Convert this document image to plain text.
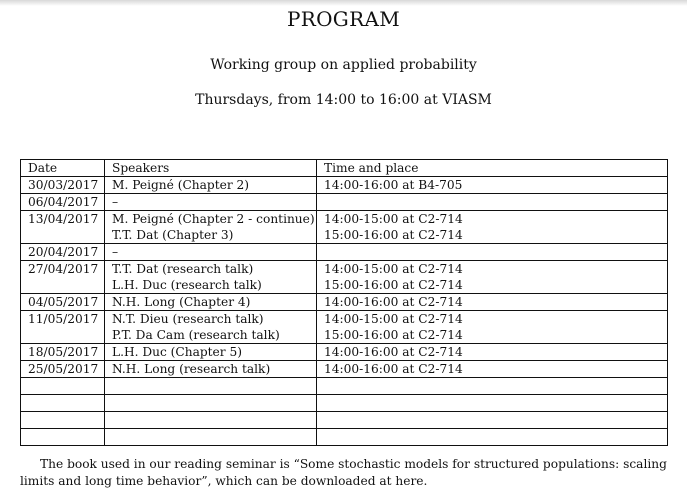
PROGRAM
Working group on applied probability
Thursdays, from 14:00 to 16:00 at VIASM
Date	Speakers	Time and place
30/03/2017	M. Peigné (Chapter 2)	14:00-16:00 at B4-705
06/04/2017	–	
13/04/2017	M. Peigné (Chapter 2 - continue)	14:00-15:00 at C2-714
	T.T. Dat (Chapter 3)	15:00-16:00 at C2-714
20/04/2017	–	
27/04/2017	T.T. Dat (research talk)	14:00-15:00 at C2-714
	L.H. Duc (research talk)	15:00-16:00 at C2-714
04/05/2017	N.H. Long (Chapter 4)	14:00-16:00 at C2-714
11/05/2017	N.T. Dieu (research talk)	14:00-15:00 at C2-714
	P.T. Da Cam (research talk)	15:00-16:00 at C2-714
18/05/2017	L.H. Duc (Chapter 5)	14:00-16:00 at C2-714
25/05/2017	N.H. Long (research talk)	14:00-16:00 at C2-714

The book used in our reading seminar is “Some stochastic models for structured populations: scaling limits and long time behavior”, which can be downloaded at here.
